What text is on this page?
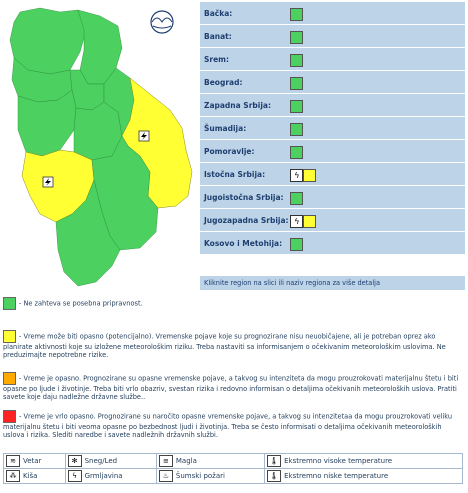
Bačka:	
Banat:	
Srem:	
Beograd:	
Zapadna Srbija:	
Šumadija:	
Pomoravlje:	
Istočna Srbija:	ϟ
Jugoistočna Srbija:	
Jugozapadna Srbija:	ϟ
Kosovo i Metohija:	
Kliknite region na slici ili naziv regiona za više detalja
- Ne zahteva se posebna pripravnost.
- Vreme može biti opasno (potencijalno). Vremenske pojave koje su prognozirane nisu neuobičajene, ali je potreban oprez ako planirate aktivnosti koje su izložene meteorološkim riziku. Treba nastaviti sa informisanjem o očekivanim meteorološkim uslovima. Ne preduzimajte nepotrebne rizike.
- Vreme je opasno. Prognozirane su opasne vremenske pojave, a takvog su intenziteta da mogu prouzrokovati materijalnu štetu i biti opasne po ljude i životinje. Treba biti vrlo obazriv, svestan rizika i redovno informisan o detaljima očekivanih meteoroloških uslova. Pratiti savete koje daju nadležne državne službe..
- Vreme je vrlo opasno. Prognozirane su naročito opasne vremenske pojave, a takvog su intenzitetaa da mogu prouzrokovati veliku materijalnu štetu i biti veoma opasne po bezbednost ljudi i životinja. Treba se često informisati o detaljima očekivanih meteoroloških uslova i rizika. Slediti naredbe i savete nadležnih državnih službi.
≋ Vetar	✻ Sneg/Led	≡ Magla	🌡 Ekstremno visoke temperature
⁂ Kiša	ϟ Grmljavina	♨ Šumski požari	🌡 Ekstremno niske temperature
